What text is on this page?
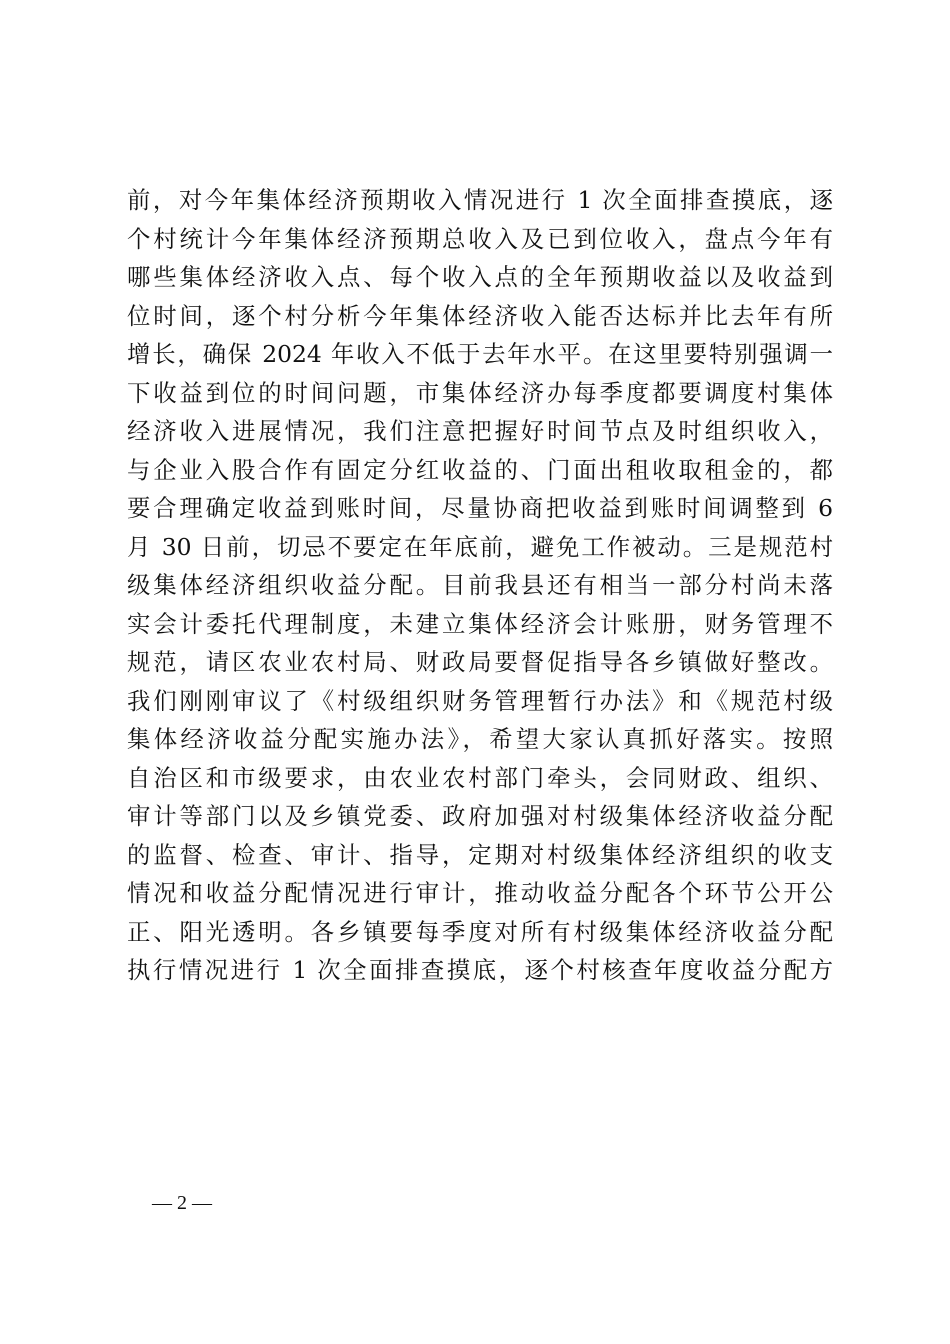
前，对今年集体经济预期收入情况进行 1 次全面排查摸底，逐
个村统计今年集体经济预期总收入及已到位收入，盘点今年有
哪些集体经济收入点、每个收入点的全年预期收益以及收益到
位时间，逐个村分析今年集体经济收入能否达标并比去年有所
增长，确保 2024 年收入不低于去年水平。在这里要特别强调一
下收益到位的时间问题，市集体经济办每季度都要调度村集体
经济收入进展情况，我们注意把握好时间节点及时组织收入，
与企业入股合作有固定分红收益的、门面出租收取租金的，都
要合理确定收益到账时间，尽量协商把收益到账时间调整到 6
月 30 日前，切忌不要定在年底前，避免工作被动。三是规范村
级集体经济组织收益分配。目前我县还有相当一部分村尚未落
实会计委托代理制度，未建立集体经济会计账册，财务管理不
规范，请区农业农村局、财政局要督促指导各乡镇做好整改。
我们刚刚审议了《村级组织财务管理暂行办法》和《规范村级
集体经济收益分配实施办法》，希望大家认真抓好落实。按照
自治区和市级要求，由农业农村部门牵头，会同财政、组织、
审计等部门以及乡镇党委、政府加强对村级集体经济收益分配
的监督、检查、审计、指导，定期对村级集体经济组织的收支
情况和收益分配情况进行审计，推动收益分配各个环节公开公
正、阳光透明。各乡镇要每季度对所有村级集体经济收益分配
执行情况进行 1 次全面排查摸底，逐个村核查年度收益分配方
— 2 —
